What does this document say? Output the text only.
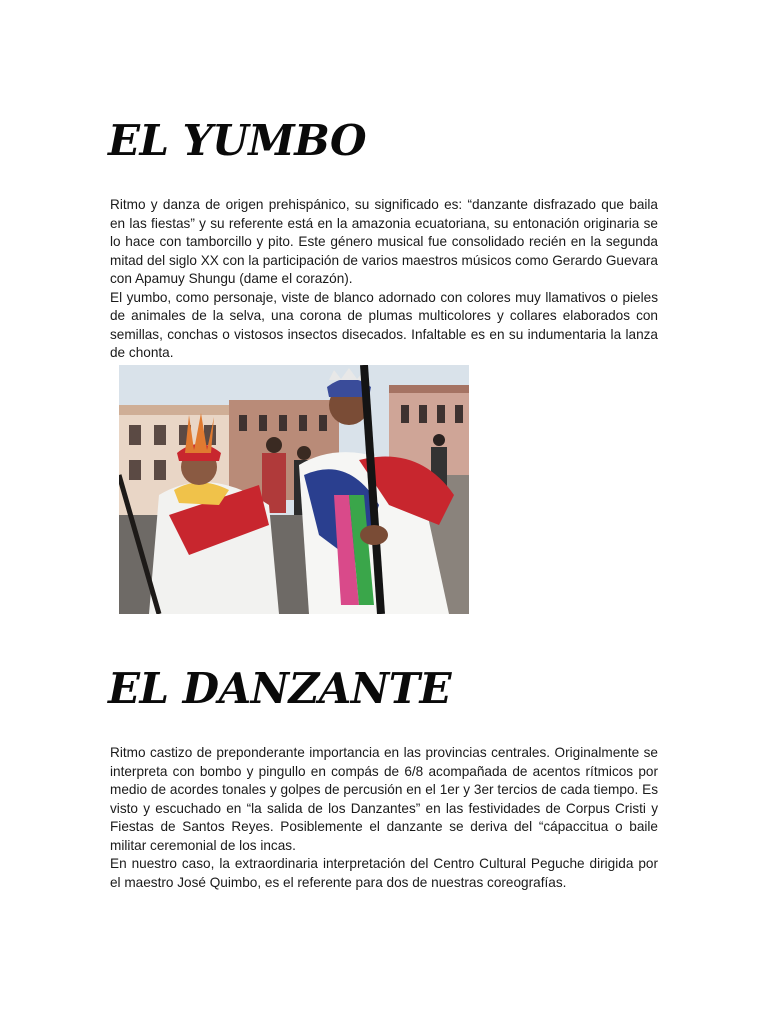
EL YUMBO

Ritmo y danza de origen prehispánico, su significado es: “danzante disfrazado que baila en las fiestas” y su referente está en la amazonia ecuatoriana, su entonación originaria se lo hace con tamborcillo y pito. Este género musical fue consolidado recién en la segunda mitad del siglo XX con la participación de varios maestros músicos como Gerardo Guevara con Apamuy Shungu (dame el corazón).

El yumbo, como personaje, viste de blanco adornado con colores muy llamativos o pieles de animales de la selva, una corona de plumas multicolores y collares elaborados con semillas, conchas o vistosos insectos disecados. Infaltable es en su indumentaria la lanza de chonta.

EL DANZANTE

Ritmo castizo de preponderante importancia en las provincias centrales. Originalmente se interpreta con bombo y pingullo en compás de 6/8 acompañada de acentos rítmicos por medio de acordes tonales y golpes de percusión en el 1er y 3er tercios de cada tiempo. Es visto y escuchado en “la salida de los Danzantes” en las festividades de Corpus Cristi y Fiestas de Santos Reyes. Posiblemente el danzante se deriva del “cápaccitua o baile militar ceremonial de los incas.

En nuestro caso, la extraordinaria interpretación del Centro Cultural Peguche dirigida por el maestro José Quimbo, es el referente para dos de nuestras coreografías.
